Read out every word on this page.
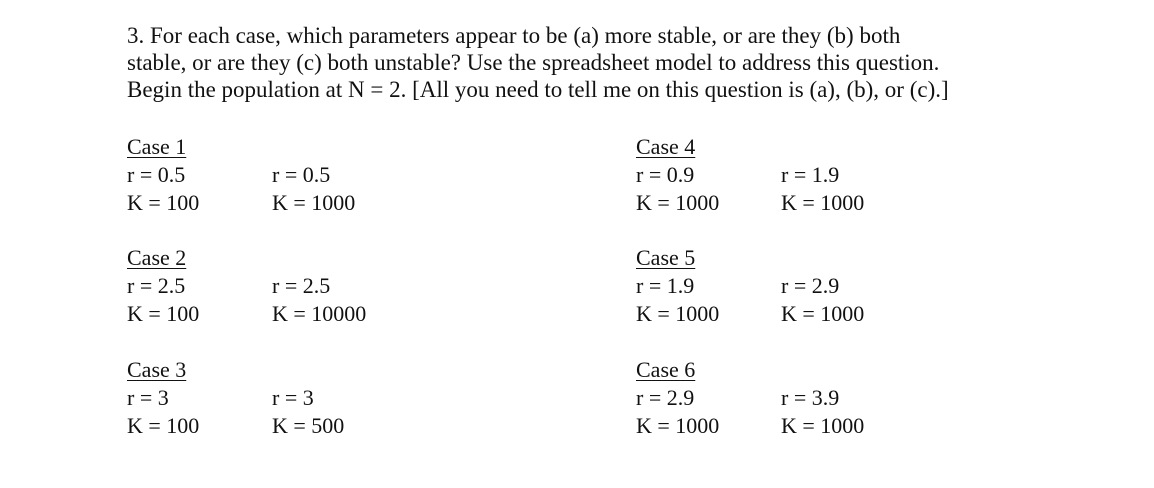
3. For each case, which parameters appear to be (a) more stable, or are they (b) both
stable, or are they (c) both unstable? Use the spreadsheet model to address this question.
Begin the population at N = 2. [All you need to tell me on this question is (a), (b), or (c).]
Case 1
r = 0.5	r = 0.5
K = 100	K = 1000
Case 2
r = 2.5	r = 2.5
K = 100	K = 10000
Case 3
r = 3	r = 3
K = 100	K = 500
Case 4
r = 0.9	r = 1.9
K = 1000	K = 1000
Case 5
r = 1.9	r = 2.9
K = 1000	K = 1000
Case 6
r = 2.9	r = 3.9
K = 1000	K = 1000
